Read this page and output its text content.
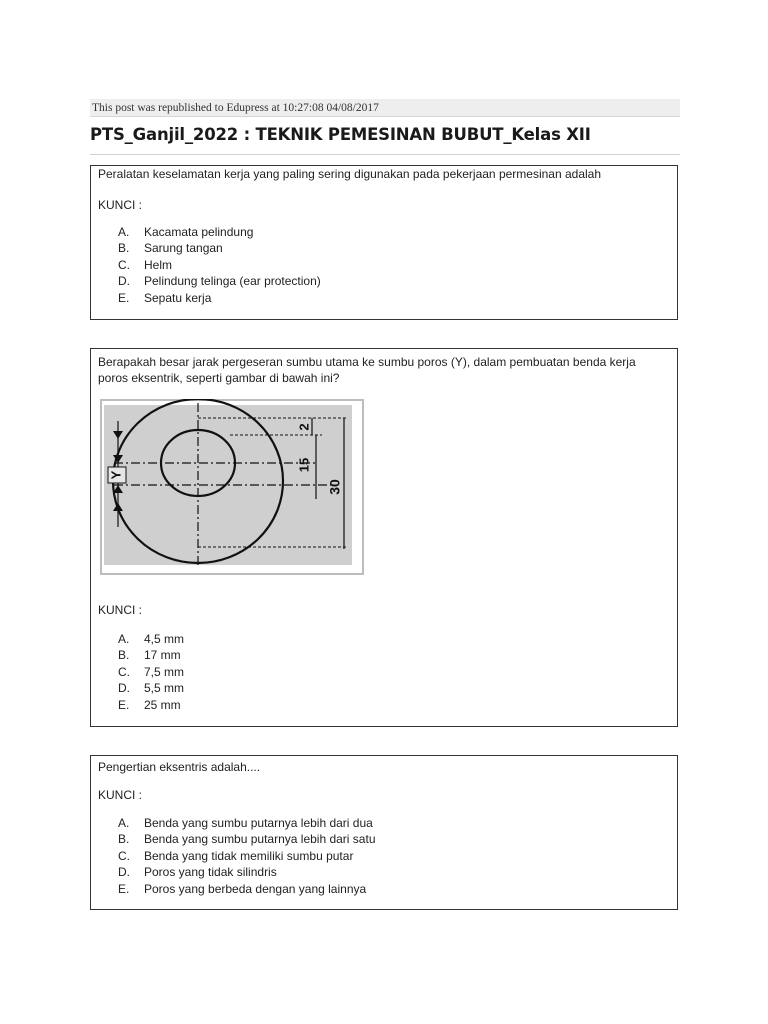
This post was republished to Edupress at 10:27:08 04/08/2017
PTS_Ganjil_2022 : TEKNIK PEMESINAN BUBUT_Kelas XII
Peralatan keselamatan kerja yang paling sering digunakan pada pekerjaan permesinan adalah
KUNCI :
A. Kacamata pelindung
B. Sarung tangan
C. Helm
D. Pelindung telinga (ear protection)
E. Sepatu kerja
Berapakah besar jarak pergeseran sumbu utama ke sumbu poros (Y), dalam pembuatan benda kerja
poros eksentrik, seperti gambar di bawah ini?
Y
2
15
30
KUNCI :
A. 4,5 mm
B. 17 mm
C. 7,5 mm
D. 5,5 mm
E. 25 mm
Pengertian eksentris adalah....
KUNCI :
A. Benda yang sumbu putarnya lebih dari dua
B. Benda yang sumbu putarnya lebih dari satu
C. Benda yang tidak memiliki sumbu putar
D. Poros yang tidak silindris
E. Poros yang berbeda dengan yang lainnya
